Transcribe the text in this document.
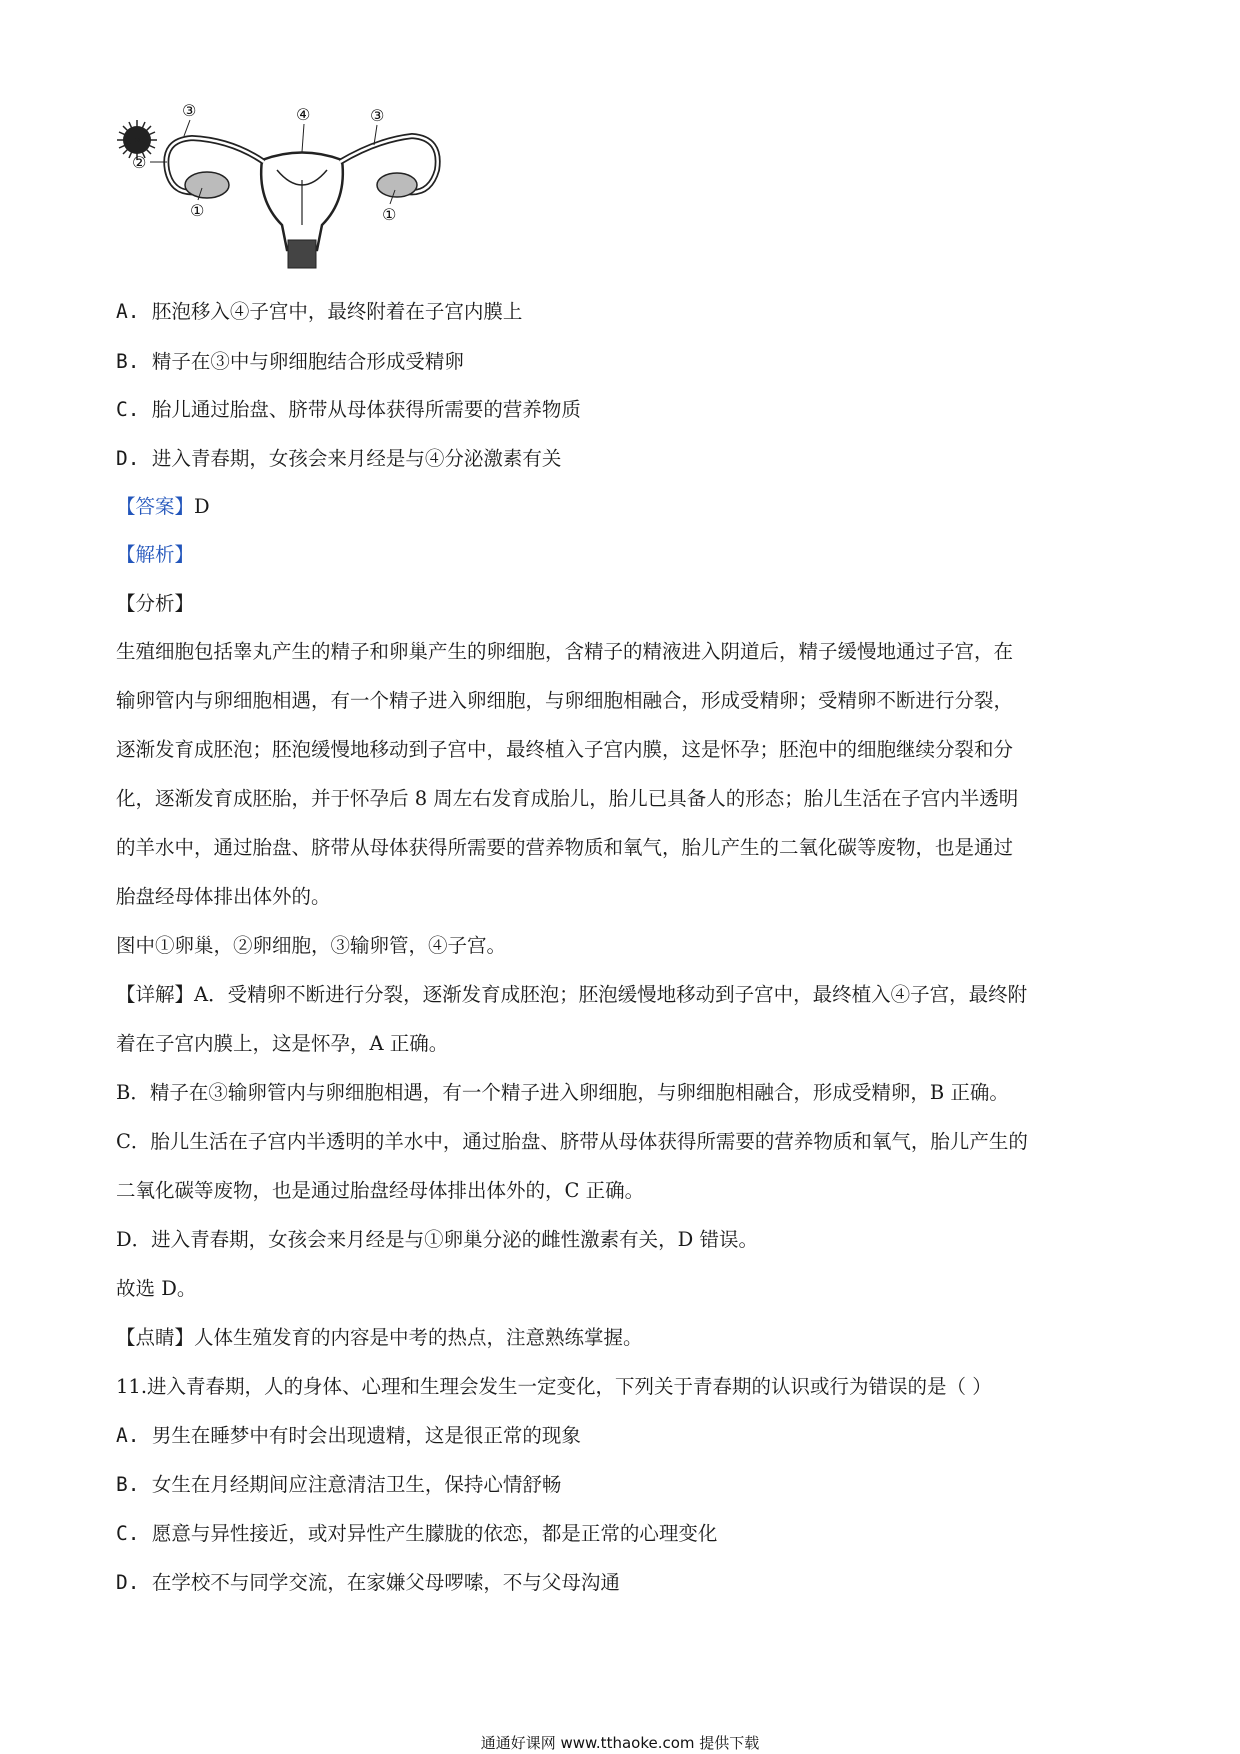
③	④	③
②
①	①
A. 胚泡移入④子宫中，最终附着在子宫内膜上
B. 精子在③中与卵细胞结合形成受精卵
C. 胎儿通过胎盘、脐带从母体获得所需要的营养物质
D. 进入青春期，女孩会来月经是与④分泌激素有关
【答案】D
【解析】
【分析】
生殖细胞包括睾丸产生的精子和卵巢产生的卵细胞，含精子的精液进入阴道后，精子缓慢地通过子宫，在
输卵管内与卵细胞相遇，有一个精子进入卵细胞，与卵细胞相融合，形成受精卵；受精卵不断进行分裂，
逐渐发育成胚泡；胚泡缓慢地移动到子宫中，最终植入子宫内膜，这是怀孕；胚泡中的细胞继续分裂和分
化，逐渐发育成胚胎，并于怀孕后 8 周左右发育成胎儿，胎儿已具备人的形态；胎儿生活在子宫内半透明
的羊水中，通过胎盘、脐带从母体获得所需要的营养物质和氧气，胎儿产生的二氧化碳等废物，也是通过
胎盘经母体排出体外的。
图中①卵巢，②卵细胞，③输卵管，④子宫。
【详解】A．受精卵不断进行分裂，逐渐发育成胚泡；胚泡缓慢地移动到子宫中，最终植入④子宫，最终附
着在子宫内膜上，这是怀孕，A 正确。
B．精子在③输卵管内与卵细胞相遇，有一个精子进入卵细胞，与卵细胞相融合，形成受精卵，B 正确。
C．胎儿生活在子宫内半透明的羊水中，通过胎盘、脐带从母体获得所需要的营养物质和氧气，胎儿产生的
二氧化碳等废物，也是通过胎盘经母体排出体外的，C 正确。
D．进入青春期，女孩会来月经是与①卵巢分泌的雌性激素有关，D 错误。
故选 D。
【点睛】人体生殖发育的内容是中考的热点，注意熟练掌握。
11.进入青春期，人的身体、心理和生理会发生一定变化，下列关于青春期的认识或行为错误的是（ ）
A. 男生在睡梦中有时会出现遗精，这是很正常的现象
B. 女生在月经期间应注意清洁卫生，保持心情舒畅
C. 愿意与异性接近，或对异性产生朦胧的依恋，都是正常的心理变化
D. 在学校不与同学交流，在家嫌父母啰嗦，不与父母沟通
通通好课网 www.tthaoke.com 提供下载
